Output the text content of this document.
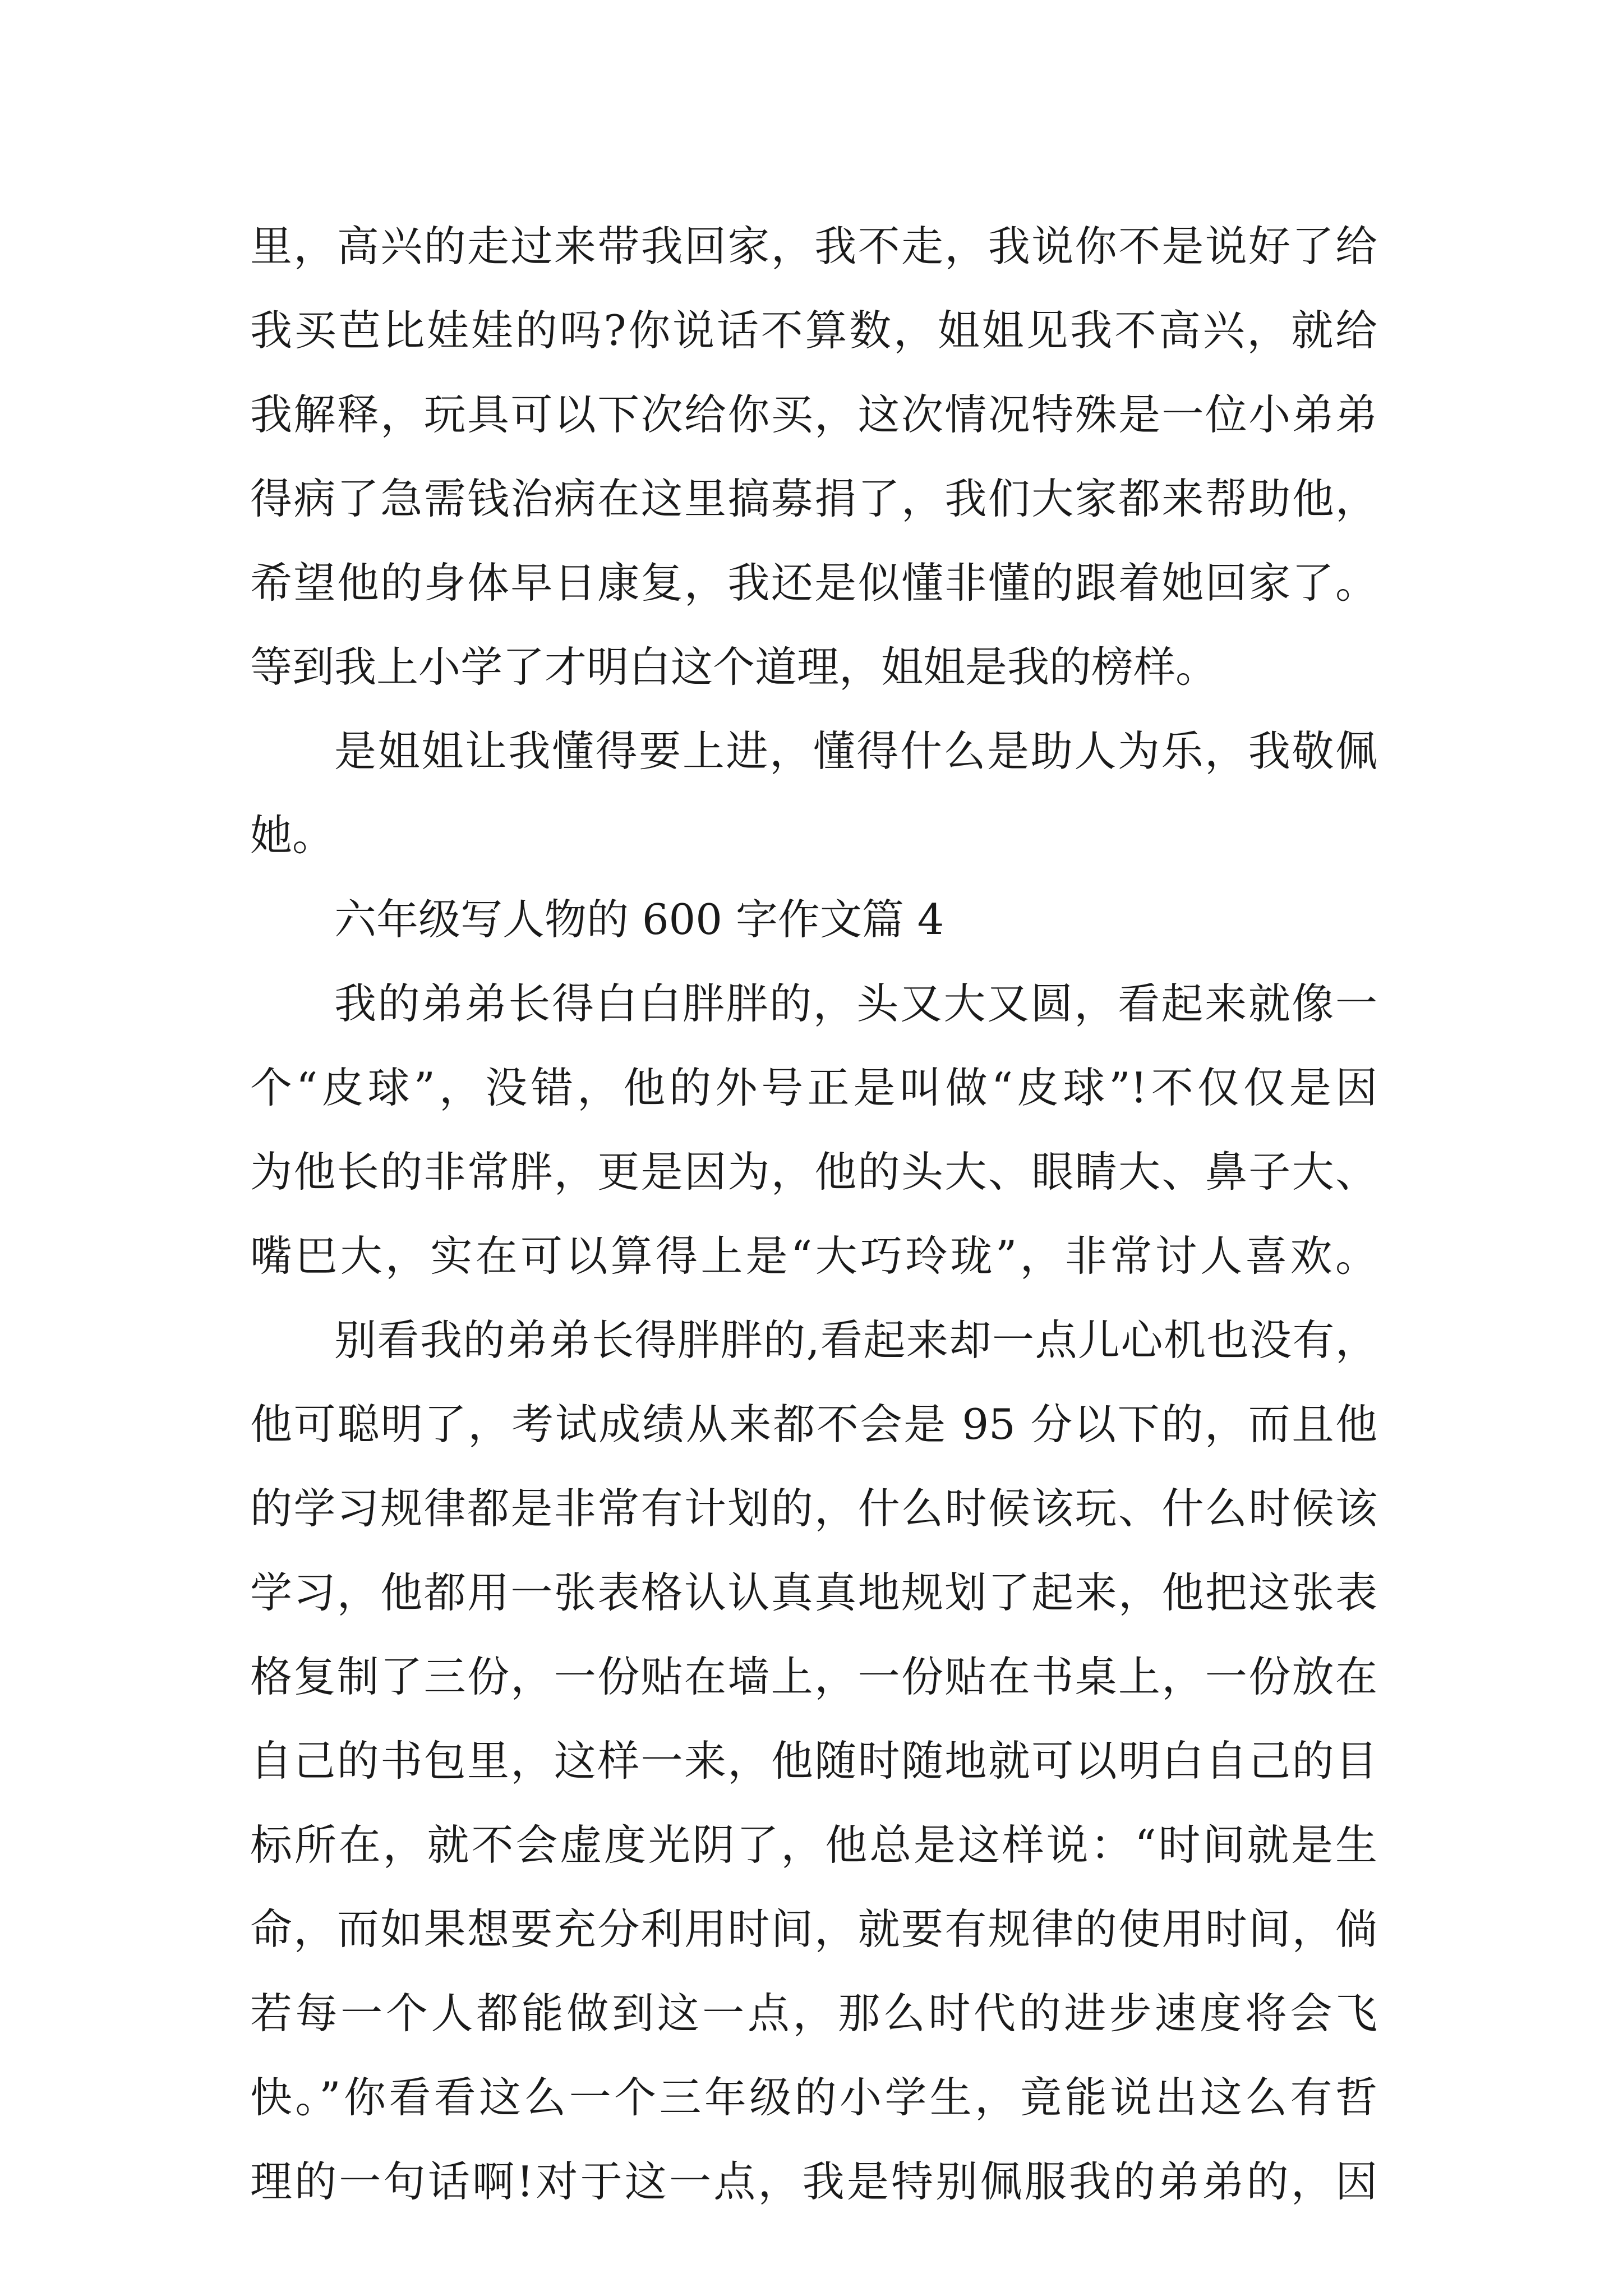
里，高兴的走过来带我回家，我不走，我说你不是说好了给
我买芭比娃娃的吗?你说话不算数，姐姐见我不高兴，就给
我解释，玩具可以下次给你买，这次情况特殊是一位小弟弟
得病了急需钱治病在这里搞募捐了，我们大家都来帮助他，
希望他的身体早日康复，我还是似懂非懂的跟着她回家了。
等到我上小学了才明白这个道理，姐姐是我的榜样。
是姐姐让我懂得要上进，懂得什么是助人为乐，我敬佩
她。
六年级写人物的 600 字作文篇 4
我的弟弟长得白白胖胖的，头又大又圆，看起来就像一
个“皮球”，没错，他的外号正是叫做“皮球”!不仅仅是因
为他长的非常胖，更是因为，他的头大、眼睛大、鼻子大、
嘴巴大，实在可以算得上是“大巧玲珑”，非常讨人喜欢。
别看我的弟弟长得胖胖的,看起来却一点儿心机也没有，
他可聪明了，考试成绩从来都不会是 95 分以下的，而且他
的学习规律都是非常有计划的，什么时候该玩、什么时候该
学习，他都用一张表格认认真真地规划了起来，他把这张表
格复制了三份，一份贴在墙上，一份贴在书桌上，一份放在
自己的书包里，这样一来，他随时随地就可以明白自己的目
标所在，就不会虚度光阴了，他总是这样说：“时间就是生
命，而如果想要充分利用时间，就要有规律的使用时间，倘
若每一个人都能做到这一点，那么时代的进步速度将会飞
快。”你看看这么一个三年级的小学生，竟能说出这么有哲
理的一句话啊!对于这一点，我是特别佩服我的弟弟的，因
